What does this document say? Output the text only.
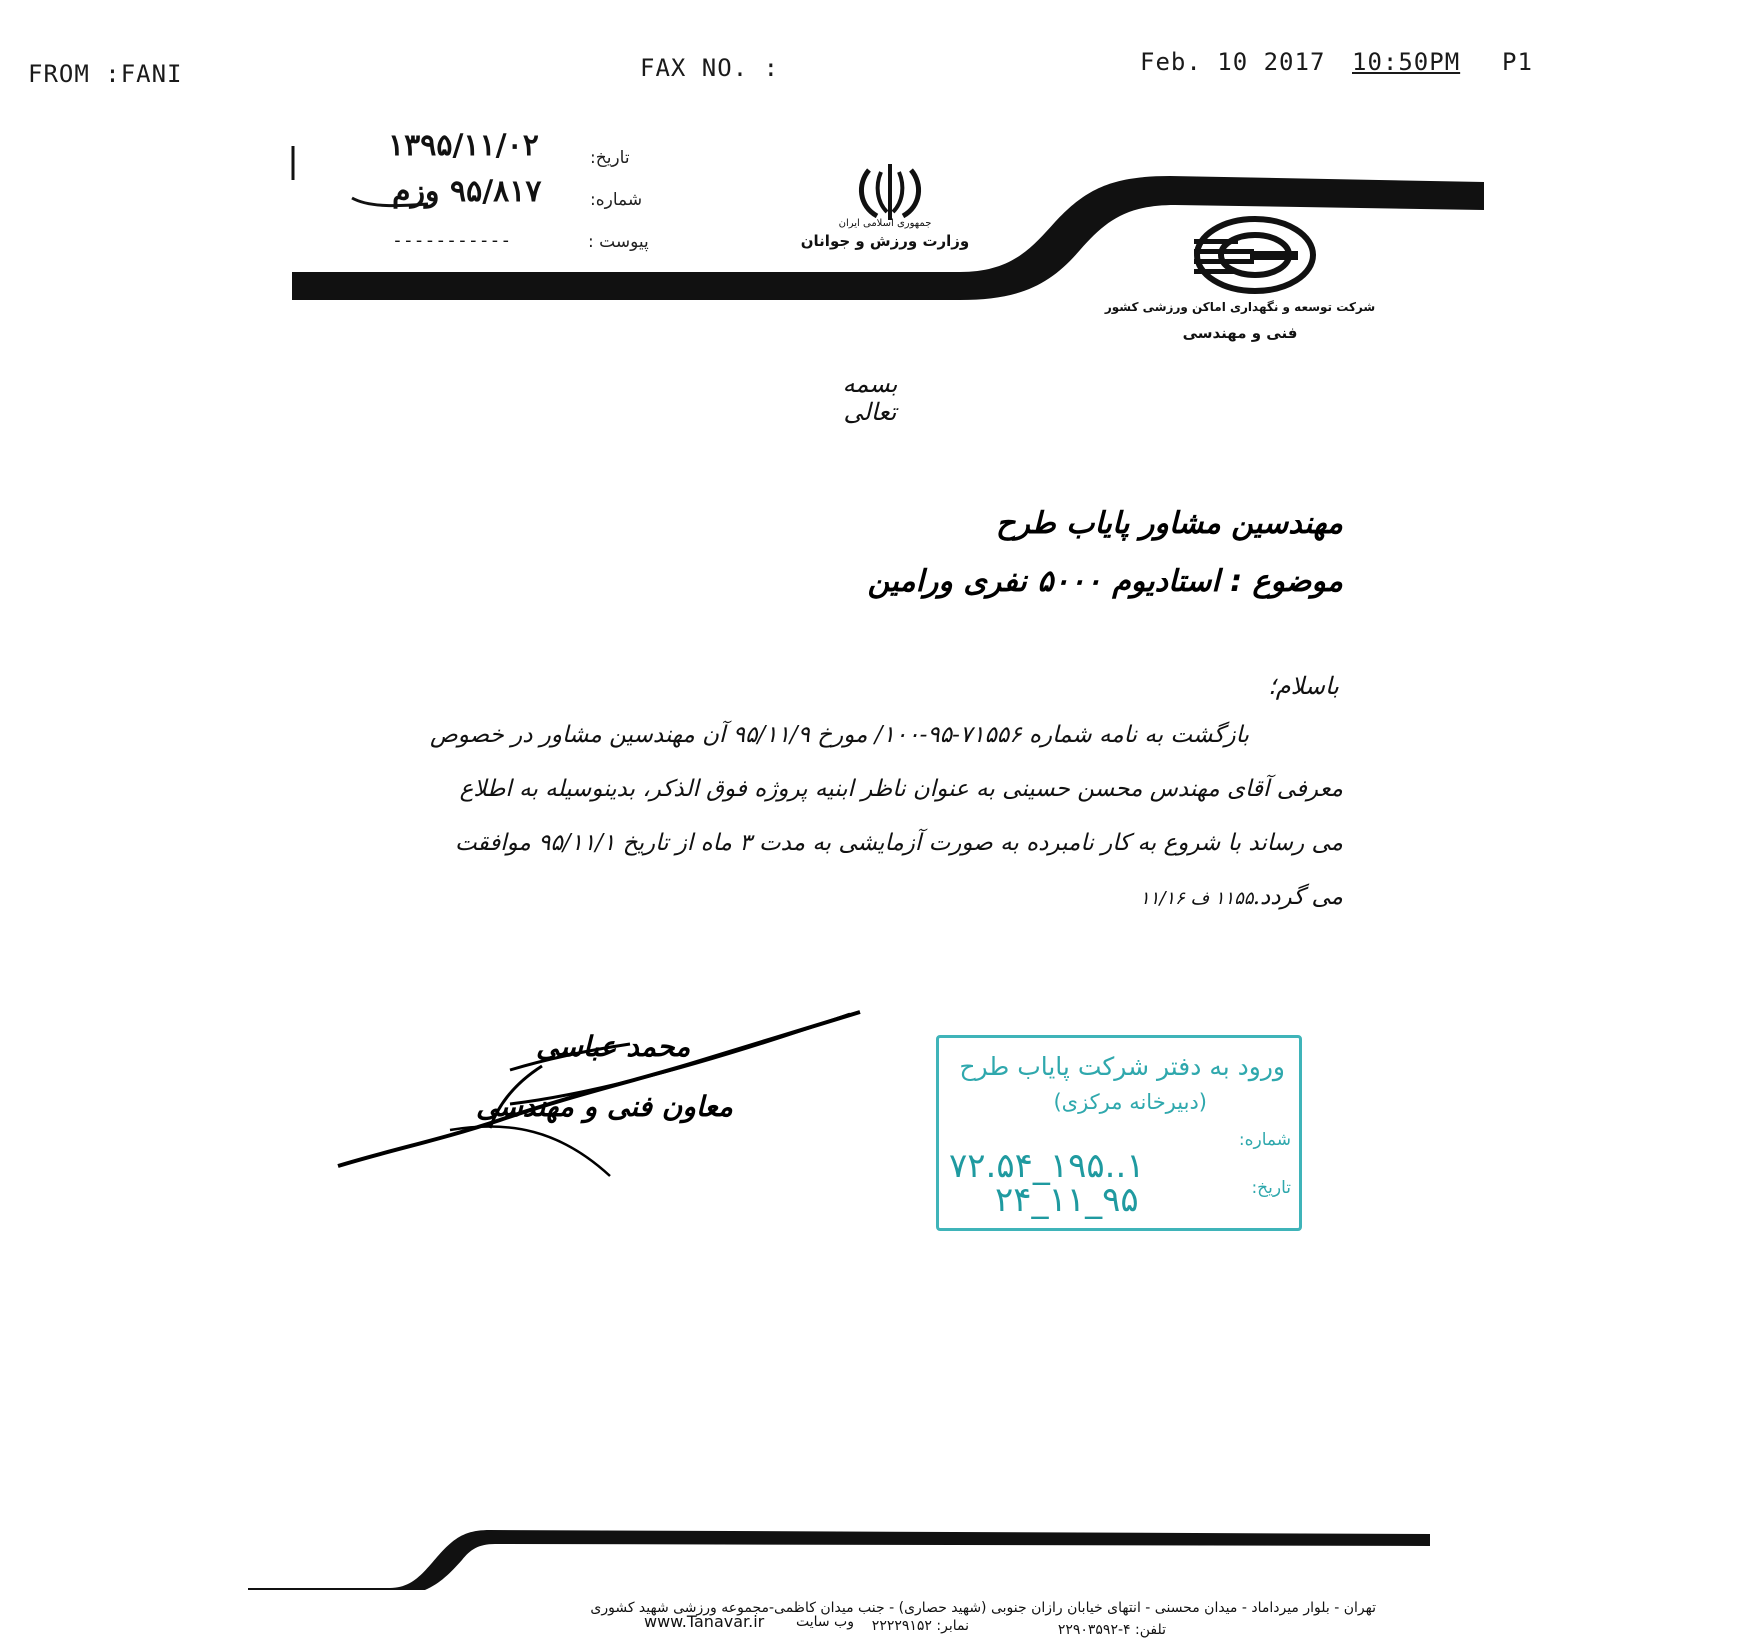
FROM :FANI	FAX NO. :	Feb. 10 2017 10:50PM P1
جمهوری اسلامی ایران
وزارت ورزش و جوانان
شرکت توسعه و نگهداری اماکن ورزشی کشور
فنی و مهندسی
تاریخ:
۱۳۹۵/۱۱/۰۲
شماره:
۹۵/۸۱۷ وزم
پیوست :
-----------
بسمه تعالی
مهندسین مشاور پایاب طرح
موضوع : استادیوم ۵۰۰۰ نفری ورامین
باسلام؛
بازگشت به نامه شماره ۷۱۵۵۶-۹۵-۱۰۰/ مورخ ۹۵/۱۱/۹ آن مهندسین مشاور در خصوص
معرفی آقای مهندس محسن حسینی به عنوان ناظر ابنیه پروژه فوق الذکر، بدینوسیله به اطلاع
می رساند با شروع به کار نامبرده به صورت آزمایشی به مدت ۳ ماه از تاریخ ۹۵/۱۱/۱ موافقت
می گردد.
۱۱۵۵ ف ۱۱/۱۶
محمد عباسی
معاون فنی و مهندسی
ورود به دفتر شرکت پایاب طرح
(دبیرخانه مرکزی)
شماره:
۱..۱۹۵_۷۲.۵۴
تاریخ:
۹۵_۱۱_۲۴
تهران - بلوار میرداماد - میدان محسنی - انتهای خیابان رازان جنوبی (شهید حصاری) - جنب میدان کاظمی-مجموعه ورزشی شهید کشوری
تلفن: ۴-۲۲۹۰۳۵۹۲
نمابر: ۲۲۲۲۹۱۵۲
وب سایت
www.Tanavar.ir
